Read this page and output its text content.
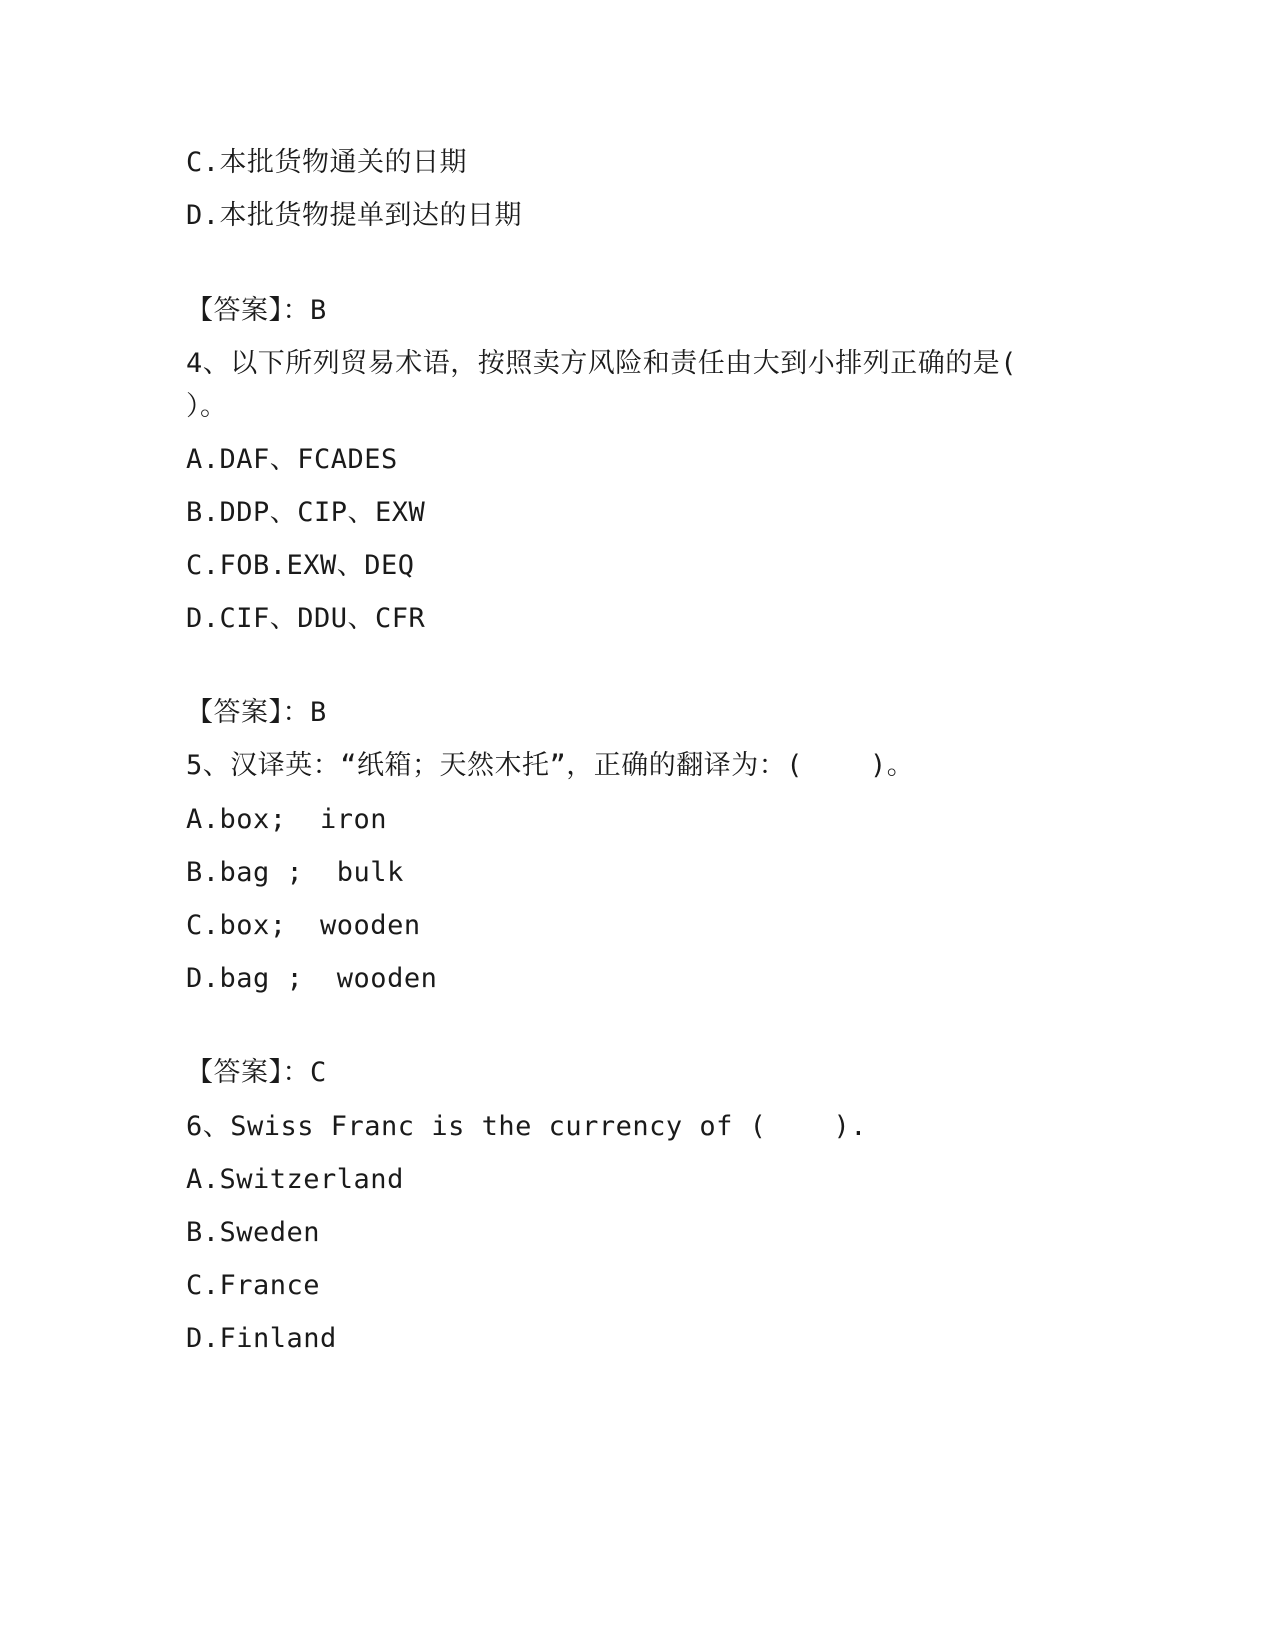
C.本批货物通关的日期
D.本批货物提单到达的日期
【答案】：B
4、以下所列贸易术语，按照卖方风险和责任由大到小排列正确的是(
）。
A.DAF、FCADES
B.DDP、CIP、EXW
C.FOB.EXW、DEQ
D.CIF、DDU、CFR
【答案】：B
5、汉译英：“纸箱；天然木托”，正确的翻译为：(    )。
A.box;  iron
B.bag ;  bulk
C.box;  wooden
D.bag ;  wooden
【答案】：C
6、Swiss Franc is the currency of (    ).
A.Switzerland
B.Sweden
C.France
D.Finland
